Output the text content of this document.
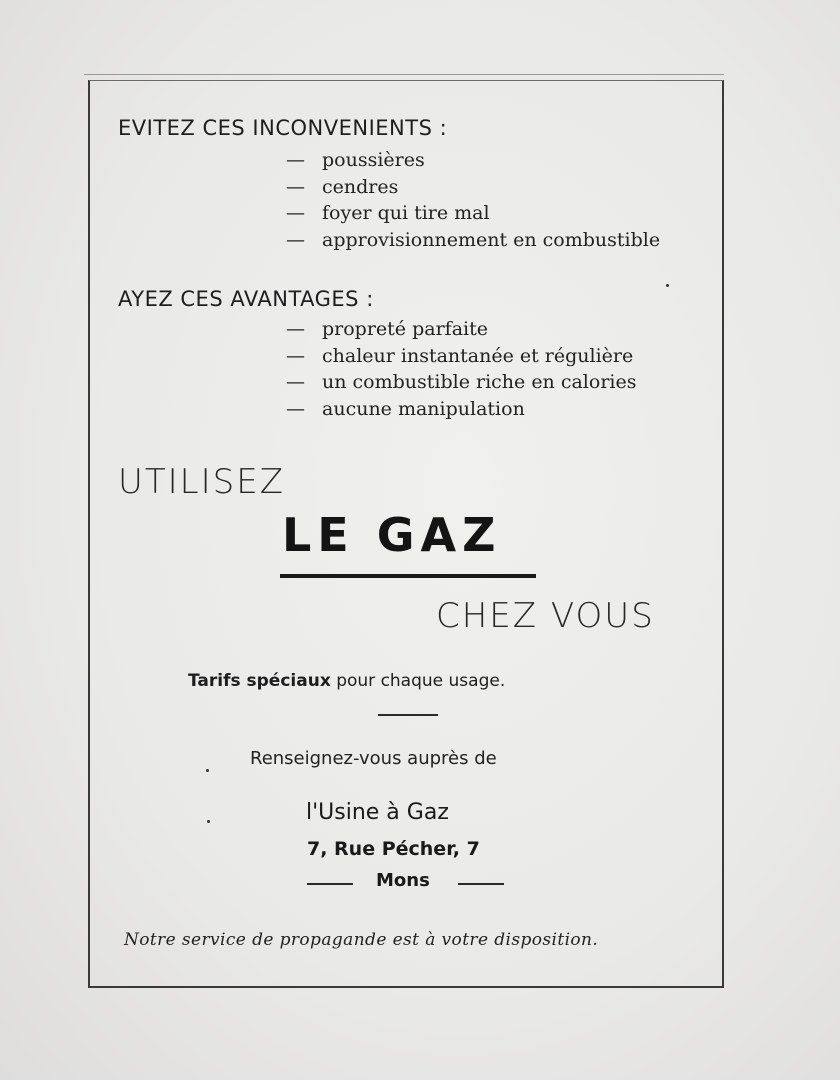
EVITEZ CES INCONVENIENTS :
— poussières
— cendres
— foyer qui tire mal
— approvisionnement en combustible
AYEZ CES AVANTAGES :
— propreté parfaite
— chaleur instantanée et régulière
— un combustible riche en calories
— aucune manipulation
UTILISEZ
LE GAZ
CHEZ VOUS
Tarifs spéciaux pour chaque usage.
Renseignez-vous auprès de
l'Usine à Gaz
7, Rue Pécher, 7
Mons
Notre service de propagande est à votre disposition.
